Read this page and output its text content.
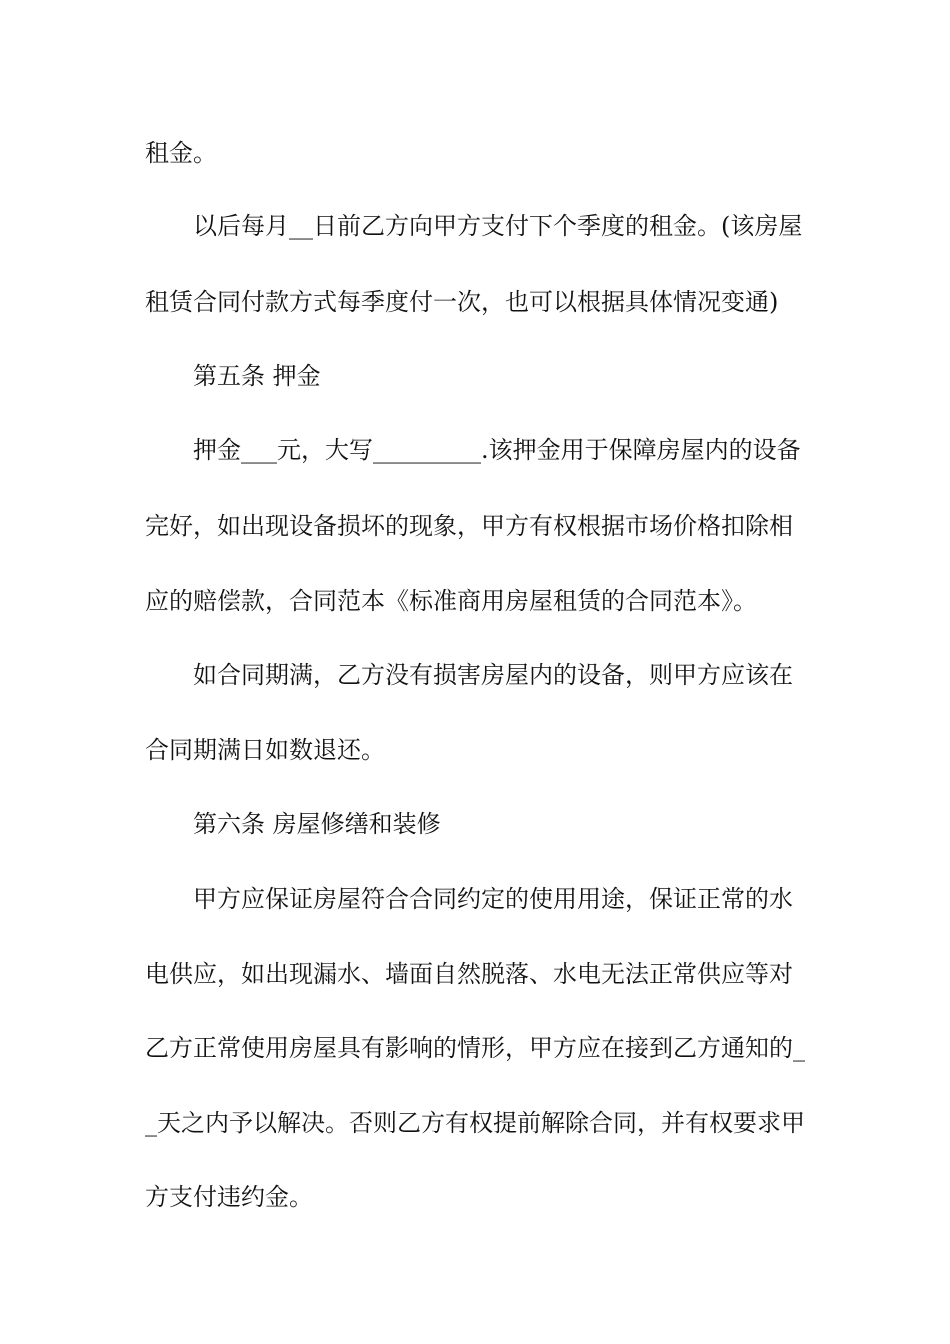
租金。
以后每月__日前乙方向甲方支付下个季度的租金。(该房屋
租赁合同付款方式每季度付一次，也可以根据具体情况变通)
第五条 押金
押金___元，大写_________.该押金用于保障房屋内的设备
完好，如出现设备损坏的现象，甲方有权根据市场价格扣除相
应的赔偿款，合同范本《标准商用房屋租赁的合同范本》。
如合同期满，乙方没有损害房屋内的设备，则甲方应该在
合同期满日如数退还。
第六条 房屋修缮和装修
甲方应保证房屋符合合同约定的使用用途，保证正常的水
电供应，如出现漏水、墙面自然脱落、水电无法正常供应等对
乙方正常使用房屋具有影响的情形，甲方应在接到乙方通知的_
_天之内予以解决。否则乙方有权提前解除合同，并有权要求甲
方支付违约金。
